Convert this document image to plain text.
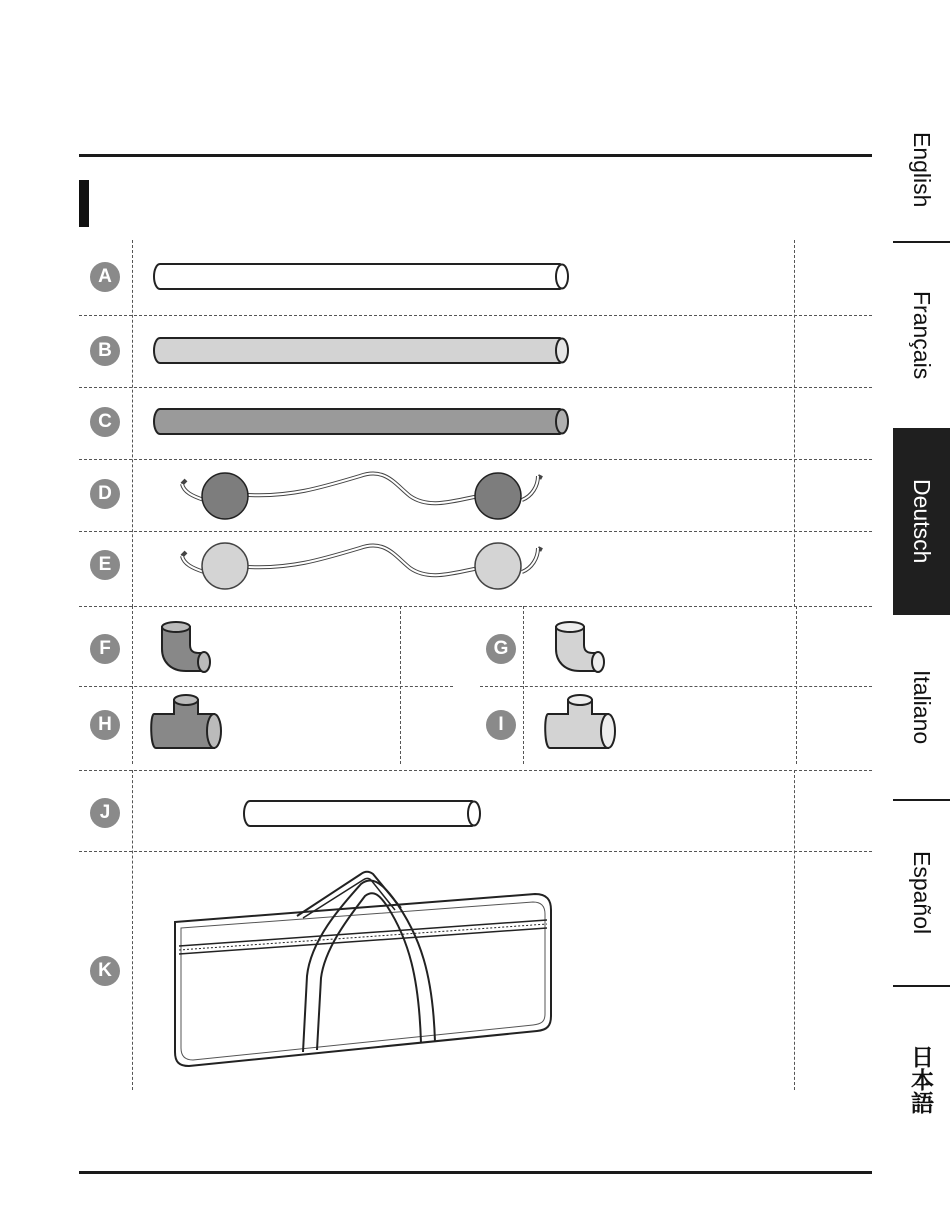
A
B
C
D
E
F	G
H	I
J
K
English
Français
Deutsch
Italiano
Español
日本語
